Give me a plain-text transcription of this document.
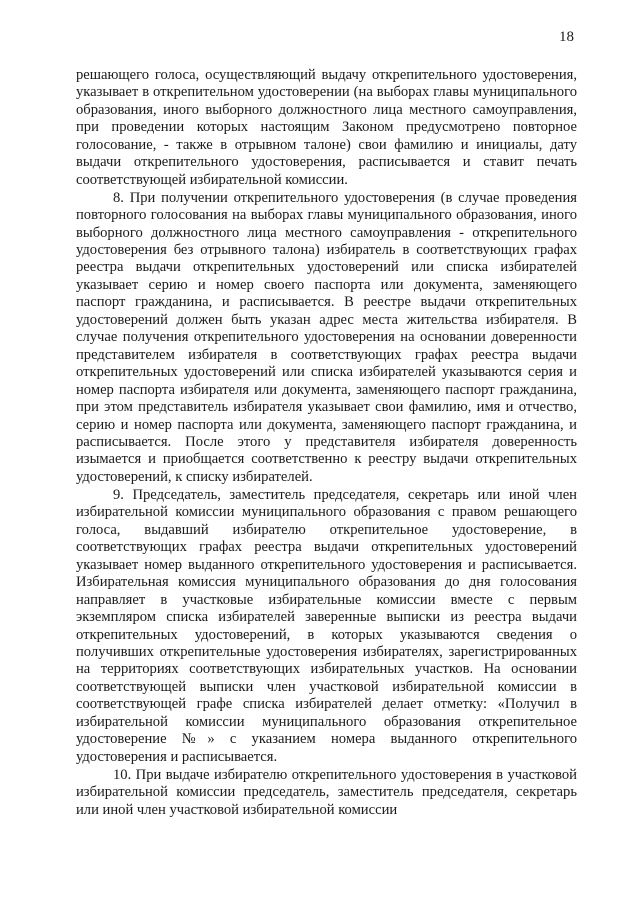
18

решающего голоса, осуществляющий выдачу открепительного удостоверения, указывает в открепительном удостоверении (на выборах главы муниципального образования, иного выборного должностного лица местного самоуправления, при проведении которых настоящим Законом предусмотрено повторное голосование, - также в отрывном талоне) свои фамилию и инициалы, дату выдачи открепительного удостоверения, расписывается и ставит печать соответствующей избирательной комиссии.

8. При получении открепительного удостоверения (в случае проведения повторного голосования на выборах главы муниципального образования, иного выборного должностного лица местного самоуправления - открепительного удостоверения без отрывного талона) избиратель в соответствующих графах реестра выдачи открепительных удостоверений или списка избирателей указывает серию и номер своего паспорта или документа, заменяющего паспорт гражданина, и расписывается. В реестре выдачи открепительных удостоверений должен быть указан адрес места жительства избирателя. В случае получения открепительного удостоверения на основании доверенности представителем избирателя в соответствующих графах реестра выдачи открепительных удостоверений или списка избирателей указываются серия и номер паспорта избирателя или документа, заменяющего паспорт гражданина, при этом представитель избирателя указывает свои фамилию, имя и отчество, серию и номер паспорта или документа, заменяющего паспорт гражданина, и расписывается. После этого у представителя избирателя доверенность изымается и приобщается соответственно к реестру выдачи открепительных удостоверений, к списку избирателей.

9. Председатель, заместитель председателя, секретарь или иной член избирательной комиссии муниципального образования с правом решающего голоса, выдавший избирателю открепительное удостоверение, в соответствующих графах реестра выдачи открепительных удостоверений указывает номер выданного открепительного удостоверения и расписывается. Избирательная комиссия муниципального образования до дня голосования направляет в участковые избирательные комиссии вместе с первым экземпляром списка избирателей заверенные выписки из реестра выдачи открепительных удостоверений, в которых указываются сведения о получивших открепительные удостоверения избирателях, зарегистрированных на территориях соответствующих избирательных участков. На основании соответствующей выписки член участковой избирательной комиссии в соответствующей графе списка избирателей делает отметку: «Получил в избирательной комиссии муниципального образования открепительное удостоверение №» с указанием номера выданного открепительного удостоверения и расписывается.

10. При выдаче избирателю открепительного удостоверения в участковой избирательной комиссии председатель, заместитель председателя, секретарь или иной член участковой избирательной комиссии
